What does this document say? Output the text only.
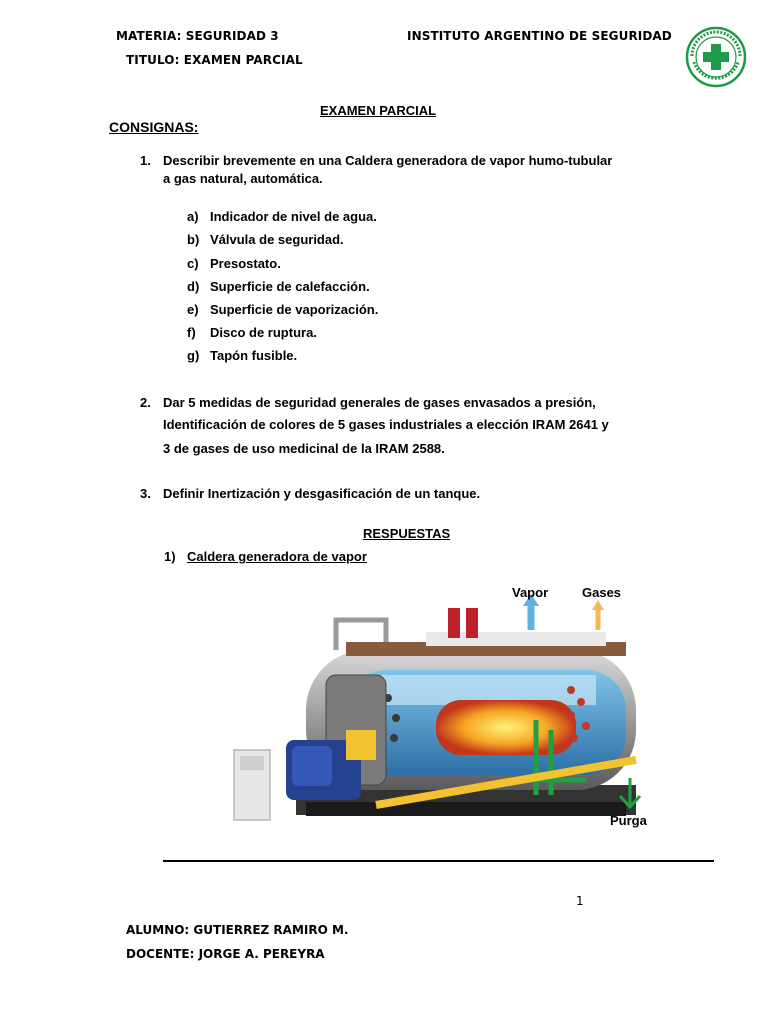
MATERIA: SEGURIDAD 3	INSTITUTO ARGENTINO DE SEGURIDAD
TITULO: EXAMEN PARCIAL
EXAMEN PARCIAL
CONSIGNAS:
1. Describir brevemente en una Caldera generadora de vapor humo-tubular
a gas natural, automática.
a) Indicador de nivel de agua.
b) Válvula de seguridad.
c) Presostato.
d) Superficie de calefacción.
e) Superficie de vaporización.
f) Disco de ruptura.
g) Tapón fusible.
2. Dar 5 medidas de seguridad generales de gases envasados a presión,
Identificación de colores de 5 gases industriales a elección IRAM 2641 y
3 de gases de uso medicinal de la IRAM 2588.
3. Definir Inertización y desgasificación de un tanque.
RESPUESTAS
1) Caldera generadora de vapor
Vapor	Gases
Purga
1
ALUMNO: GUTIERREZ RAMIRO M.
DOCENTE: JORGE A. PEREYRA
